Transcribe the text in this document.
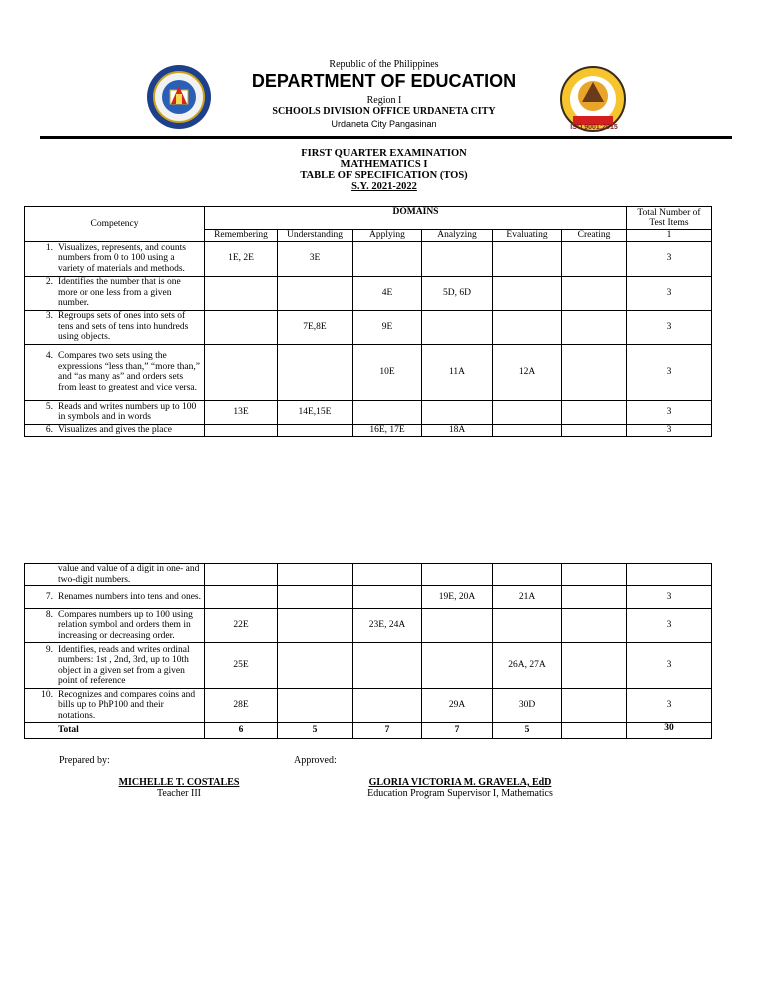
ISO 9001:2015
Republic of the Philippines
DEPARTMENT OF EDUCATION
Region I
SCHOOLS DIVISION OFFICE URDANETA CITY
Urdaneta City Pangasinan
FIRST QUARTER EXAMINATION
MATHEMATICS I
TABLE OF SPECIFICATION (TOS)
S.Y. 2021-2022
Competency	DOMAINS						Total Number of Test Items
	Remembering	Understanding	Applying	Analyzing	Evaluating	Creating	1

1. Visualizes, represents, and counts numbers from 0 to 100 using a variety of materials and methods.	1E, 2E	3E					3

2. Identifies the number that is one more or one less from a given number.			4E	5D, 6D			3

3. Regroups sets of ones into sets of tens and sets of tens into hundreds using objects.		7E,8E	9E				3

4. Compares two sets using the expressions “less than,” “more than,” and “as many as” and orders sets from least to greatest and vice versa.			10E	11A	12A		3

5. Reads and writes numbers up to 100 in symbols and in words	13E	14E,15E					3

6. Visualizes and gives the place			16E, 17E	18A			3
value and value of a digit in one- and two-digit numbers.							

7. Renames numbers into tens and ones.				19E, 20A	21A		3

8. Compares numbers up to 100 using relation symbol and orders them in increasing or decreasing order.	22E		23E, 24A				3

9. Identifies, reads and writes ordinal numbers: 1st , 2nd, 3rd, up to 10th object in a given set from a given point of reference	25E				26A, 27A		3

10. Recognizes and compares coins and bills up to PhP100 and their notations.	28E			29A	30D		3

Total	6	5	7	7	5		30
Prepared by:	Approved:
MICHELLE T. COSTALES
Teacher III
GLORIA VICTORIA M. GRAVELA, EdD
Education Program Supervisor I, Mathematics
